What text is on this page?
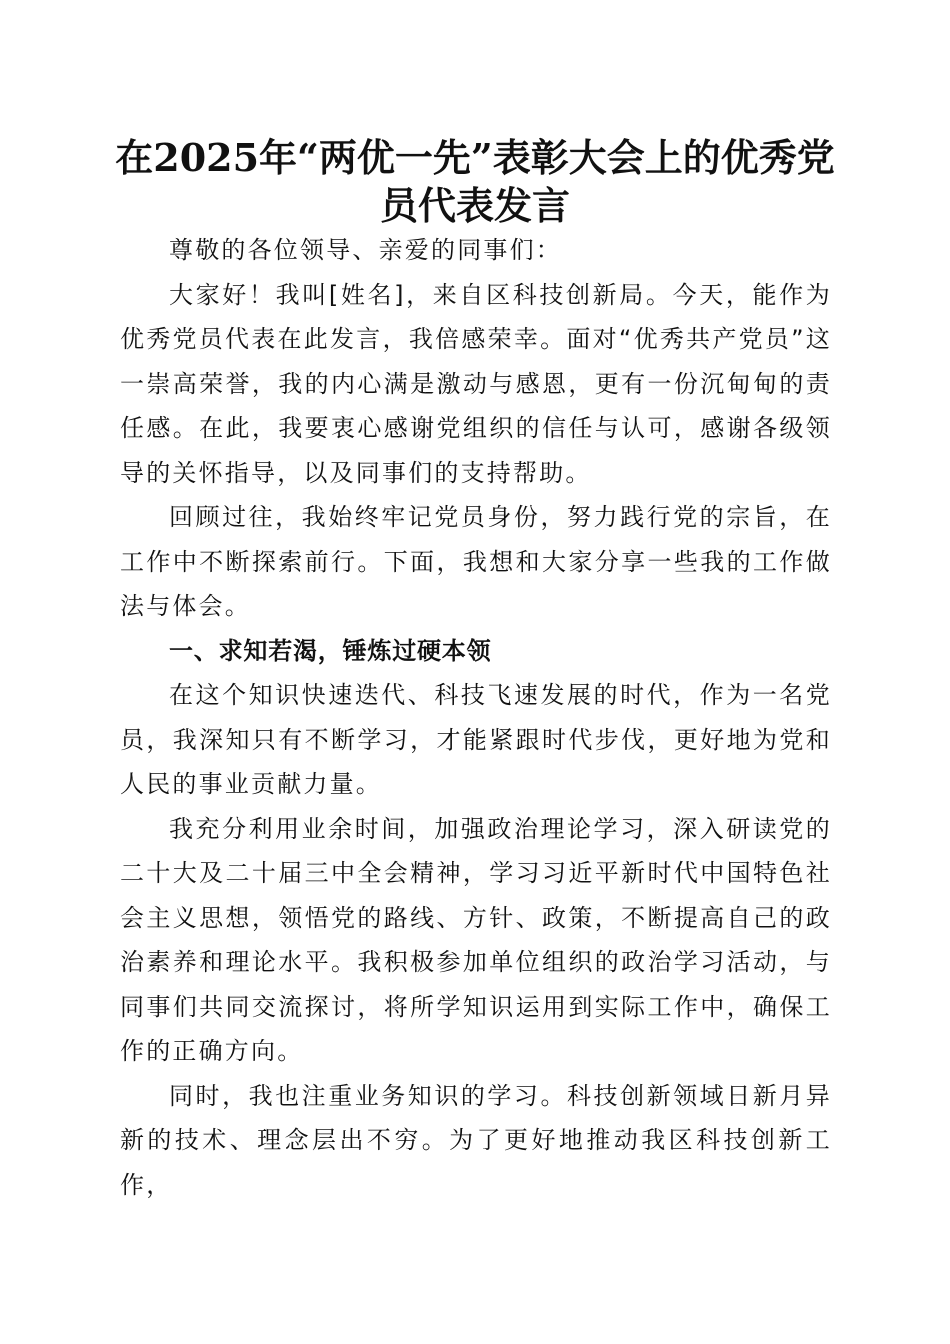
在2025年“两优一先”表彰大会上的优秀党
员代表发言

尊敬的各位领导、亲爱的同事们：

大家好！我叫[姓名]，来自区科技创新局。今天，能作为优秀党员代表在此发言，我倍感荣幸。面对“优秀共产党员”这一崇高荣誉，我的内心满是激动与感恩，更有一份沉甸甸的责任感。在此，我要衷心感谢党组织的信任与认可，感谢各级领导的关怀指导，以及同事们的支持帮助。

回顾过往，我始终牢记党员身份，努力践行党的宗旨，在工作中不断探索前行。下面，我想和大家分享一些我的工作做法与体会。

一、求知若渴，锤炼过硬本领

在这个知识快速迭代、科技飞速发展的时代，作为一名党员，我深知只有不断学习，才能紧跟时代步伐，更好地为党和人民的事业贡献力量。

我充分利用业余时间，加强政治理论学习，深入研读党的二十大及二十届三中全会精神，学习习近平新时代中国特色社会主义思想，领悟党的路线、方针、政策，不断提高自己的政治素养和理论水平。我积极参加单位组织的政治学习活动，与同事们共同交流探讨，将所学知识运用到实际工作中，确保工作的正确方向。

同时，我也注重业务知识的学习。科技创新领域日新月异新的技术、理念层出不穷。为了更好地推动我区科技创新工作，
